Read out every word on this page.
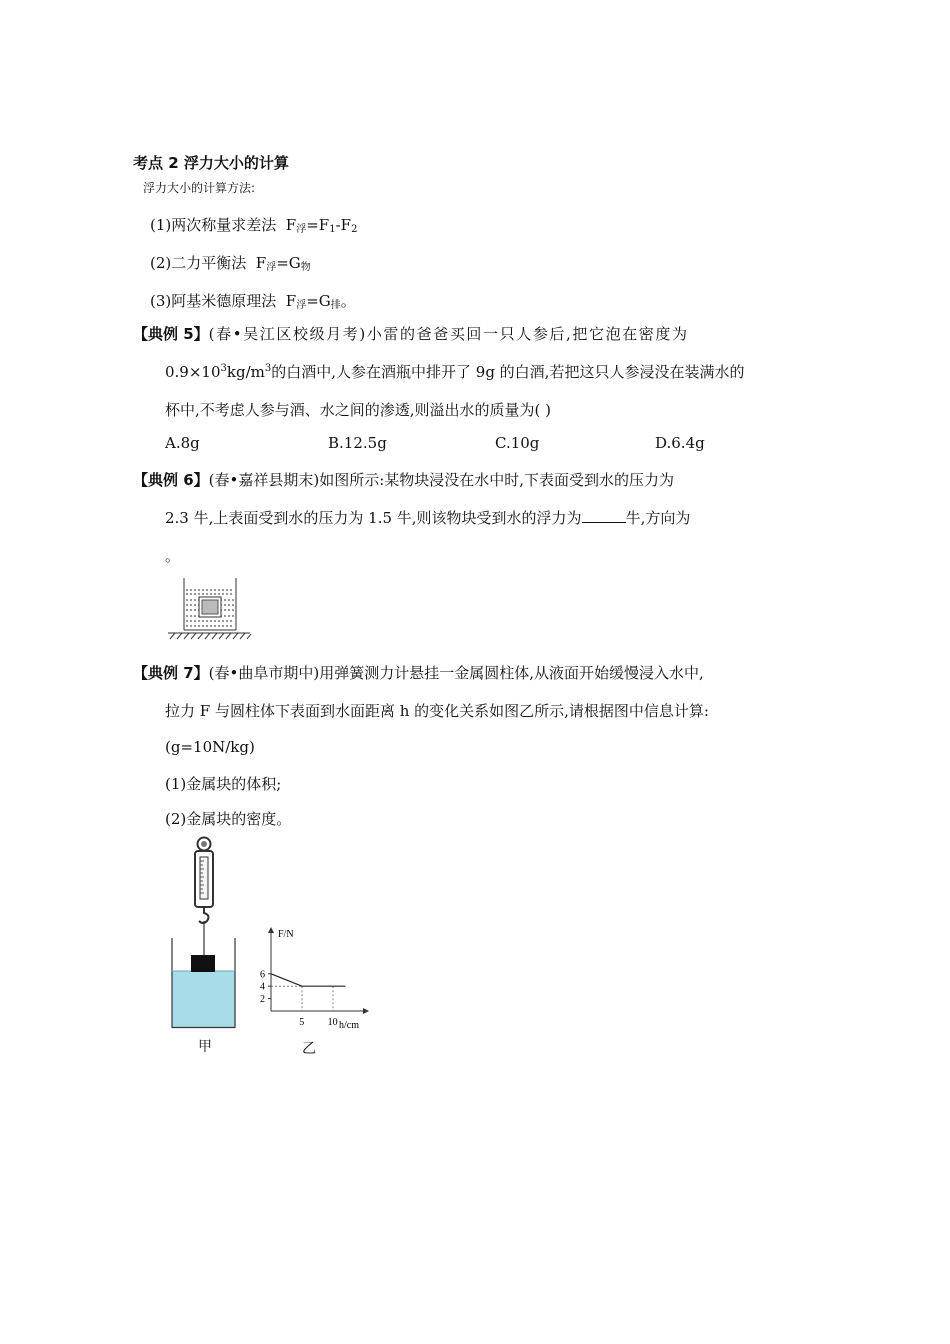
考点 2 浮力大小的计算
浮力大小的计算方法:
(1)两次称量求差法 $F_浮=F_1-F_2$
(2)二力平衡法 $F_浮=G_物$
(3)阿基米德原理法 $F_浮=G_排$。
【典例 5】(春•吴江区校级月考)小雷的爸爸买回一只人参后,把它泡在密度为
$0.9\times 10^3kg/m^3$的白酒中,人参在酒瓶中排开了 9g 的白酒,若把这只人参浸没在装满水的
杯中,不考虑人参与酒、水之间的渗透,则溢出水的质量为( )
A.8g	B.12.5g	C.10g	D.6.4g
【典例 6】(春•嘉祥县期末)如图所示:某物块浸没在水中时,下表面受到水的压力为
2.3 牛,上表面受到水的压力为 1.5 牛,则该物块受到水的浮力为	牛,方向为
。
【典例 7】(春•曲阜市期中)用弹簧测力计悬挂一金属圆柱体,从液面开始缓慢浸入水中,
拉力 F 与圆柱体下表面到水面距离 h 的变化关系如图乙所示,请根据图中信息计算:
(g=10N/kg)
(1)金属块的体积;
(2)金属块的密度。
甲
F/N
h/cm
6
4
2
5 10
乙
